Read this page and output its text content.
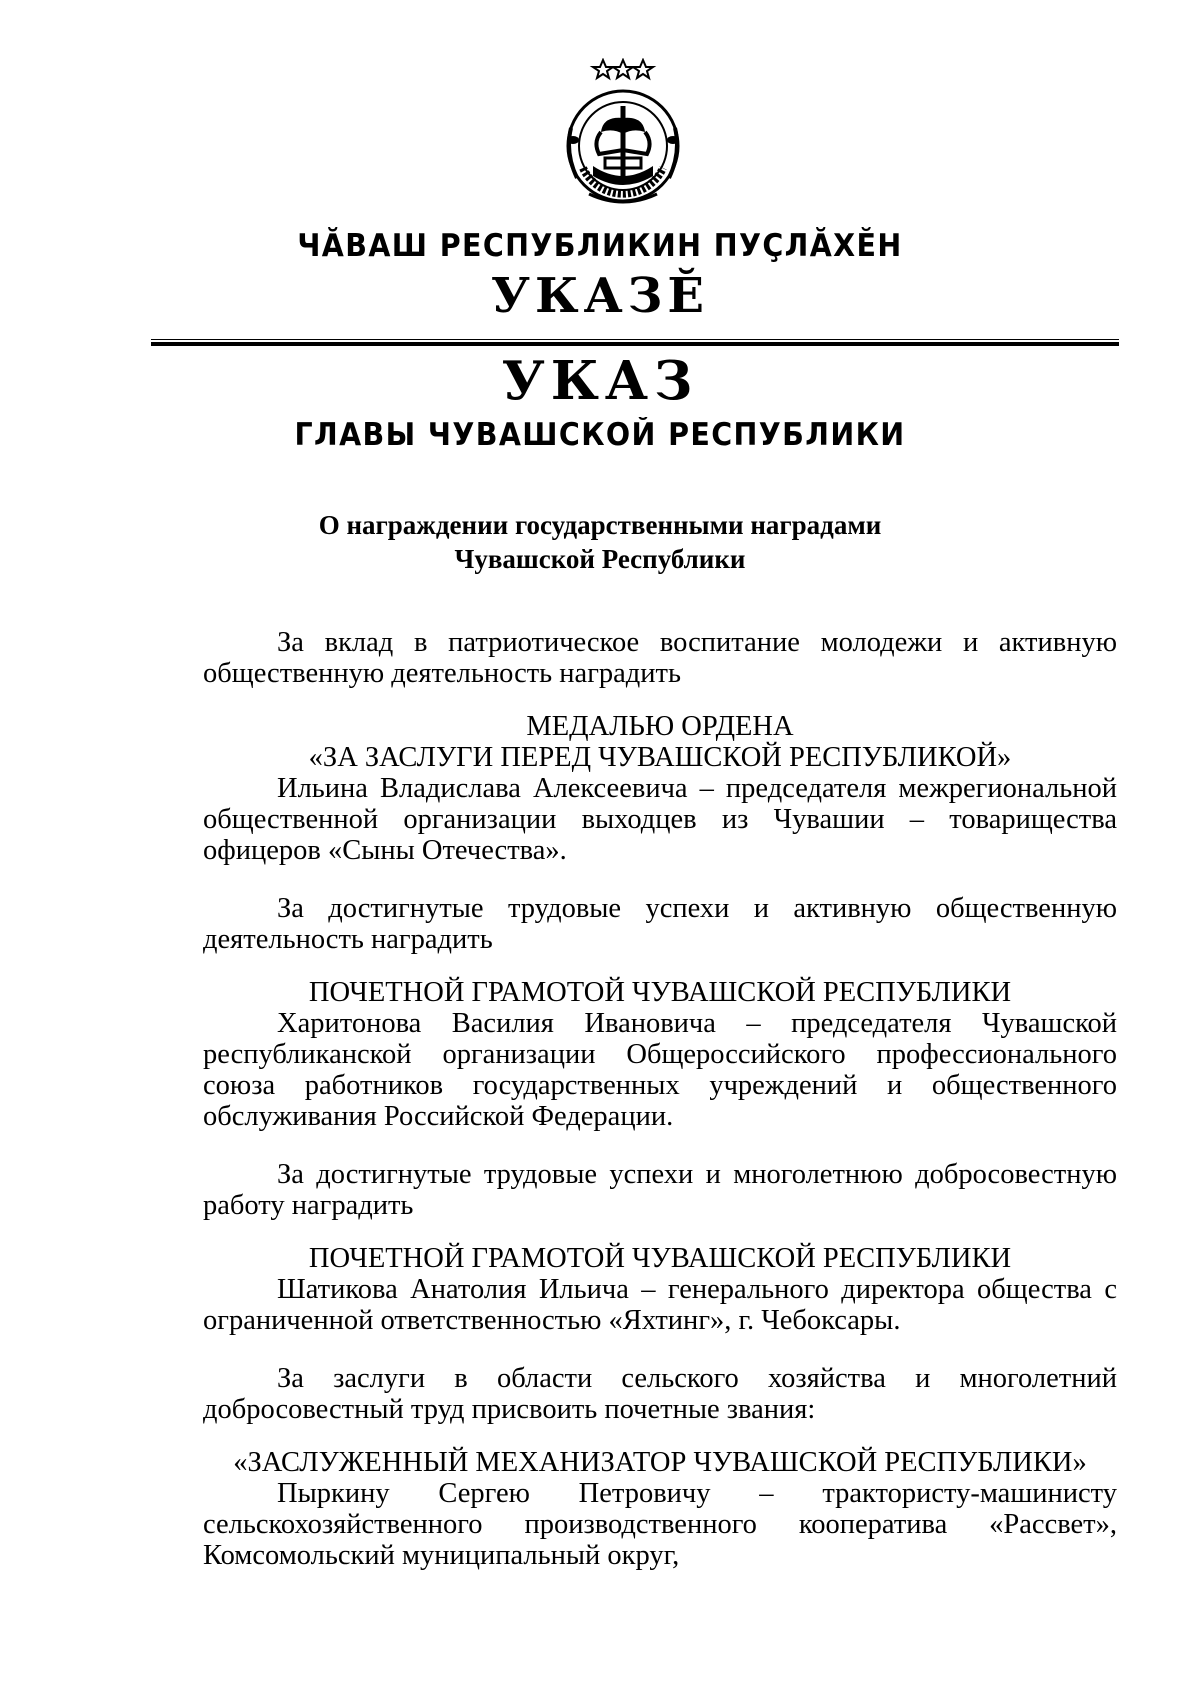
ЧĂВАШ РЕСПУБЛИКИН ПУÇЛĂХĔН
УКАЗĔ
УКАЗ
ГЛАВЫ ЧУВАШСКОЙ РЕСПУБЛИКИ
О награждении государственными наградами
Чувашской Республики

За вклад в патриотическое воспитание молодежи и активную общественную деятельность наградить

МЕДАЛЬЮ ОРДЕНА

«ЗА ЗАСЛУГИ ПЕРЕД ЧУВАШСКОЙ РЕСПУБЛИКОЙ»

Ильина Владислава Алексеевича – председателя межрегиональной общественной организации выходцев из Чувашии – товарищества офицеров «Сыны Отечества».

За достигнутые трудовые успехи и активную общественную деятельность наградить

ПОЧЕТНОЙ ГРАМОТОЙ ЧУВАШСКОЙ РЕСПУБЛИКИ

Харитонова Василия Ивановича – председателя Чувашской республиканской организации Общероссийского профессионального союза работников государственных учреждений и общественного обслуживания Российской Федерации.

За достигнутые трудовые успехи и многолетнюю добросовестную работу наградить

ПОЧЕТНОЙ ГРАМОТОЙ ЧУВАШСКОЙ РЕСПУБЛИКИ

Шатикова Анатолия Ильича – генерального директора общества с ограниченной ответственностью «Яхтинг», г. Чебоксары.

За заслуги в области сельского хозяйства и многолетний добросовестный труд присвоить почетные звания:

«ЗАСЛУЖЕННЫЙ МЕХАНИЗАТОР ЧУВАШСКОЙ РЕСПУБЛИКИ»

Пыркину Сергею Петровичу – трактористу-машинисту сельскохозяйственного производственного кооператива «Рассвет», Комсомольский муниципальный округ,
